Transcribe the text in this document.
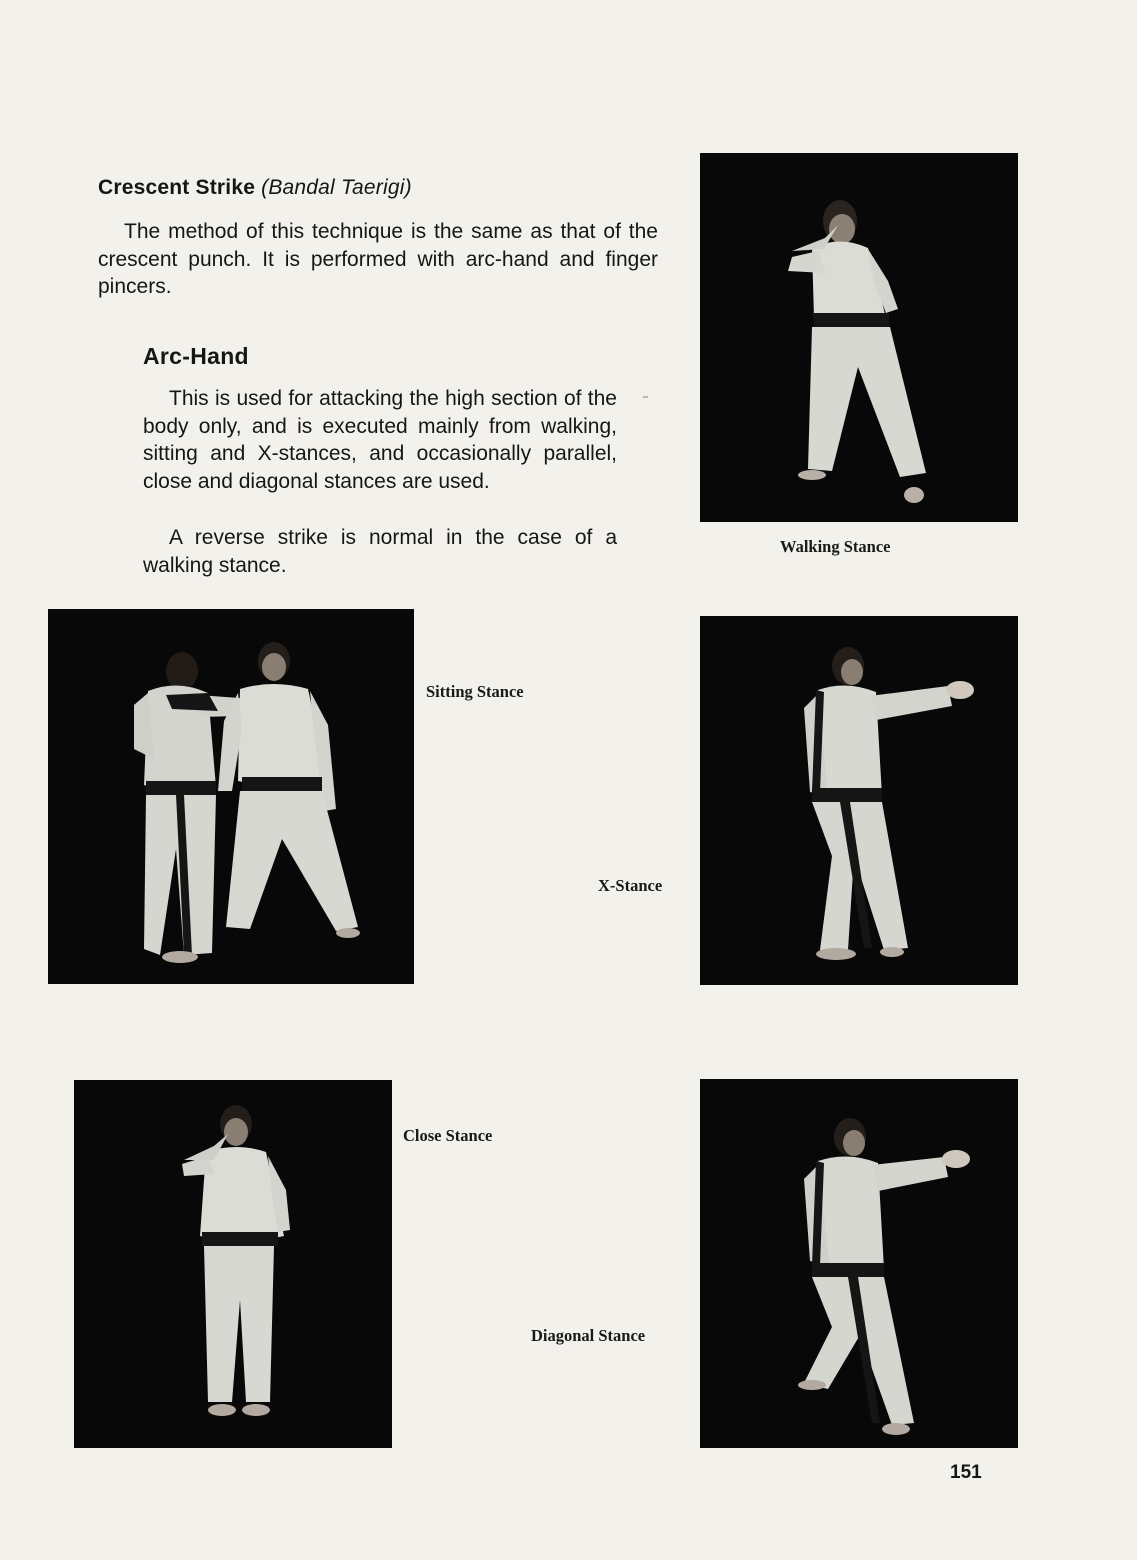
Crescent Strike (Bandal Taerigi)

The method of this technique is the same as that of the crescent punch. It is performed with arc-hand and finger pincers.

Arc-Hand

This is used for attacking the high section of the body only, and is executed mainly from walking, sitting and X-stances, and occasionally parallel, close and diagonal stances are used.

A reverse strike is normal in the case of a walking stance.

Walking Stance
Sitting Stance
X-Stance
Close Stance
Diagonal Stance
151
